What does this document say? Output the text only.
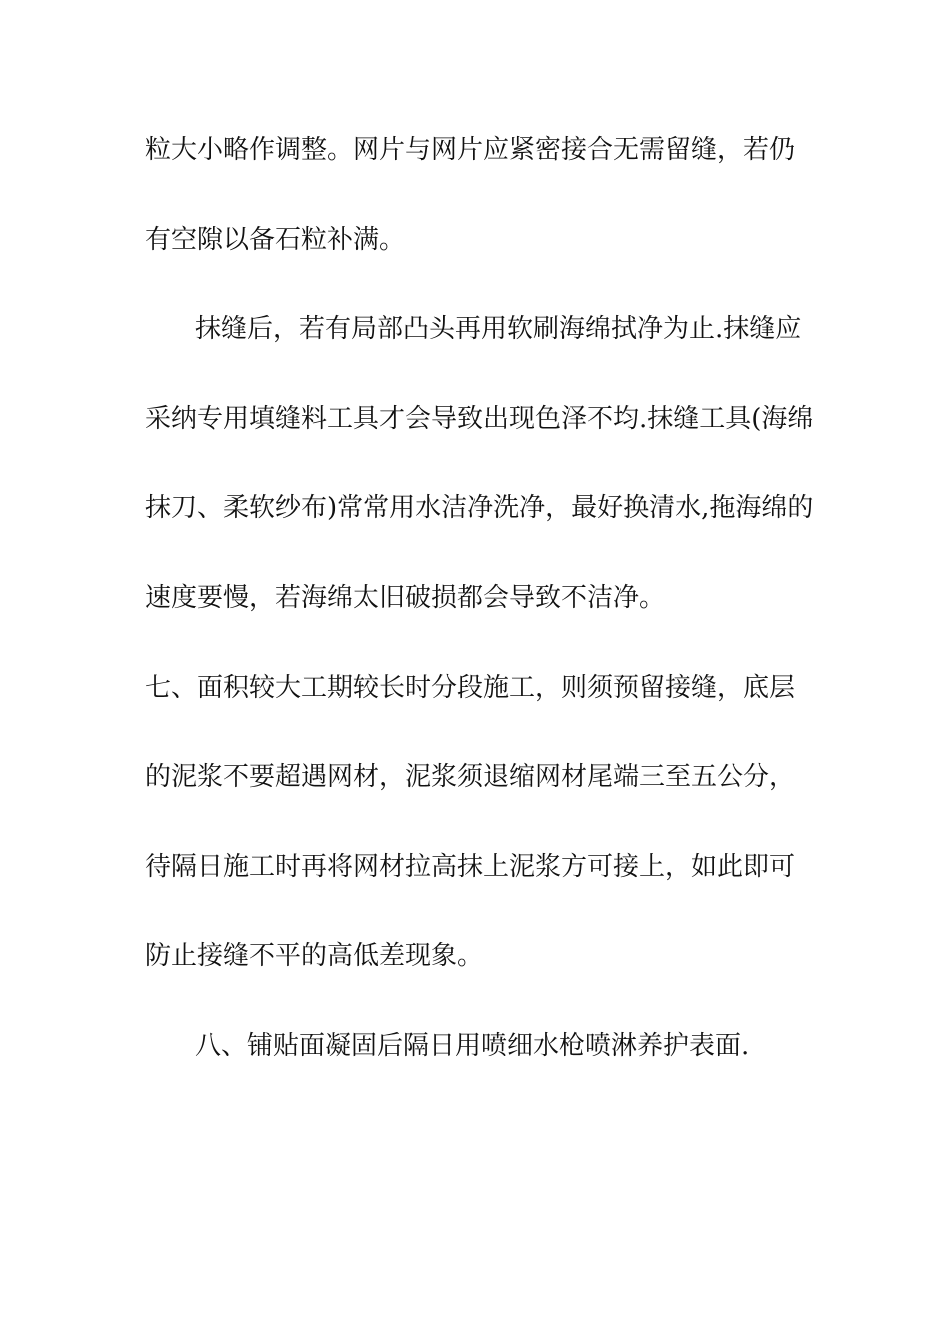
粒大小略作调整。网片与网片应紧密接合无需留缝，若仍

有空隙以备石粒补满。

抹缝后，若有局部凸头再用软刷海绵拭净为止.抹缝应

采纳专用填缝料工具才会导致出现色泽不均.抹缝工具(海绵

抹刀、柔软纱布)常常用水洁净洗净，最好换清水,拖海绵的

速度要慢，若海绵太旧破损都会导致不洁净。

七、面积较大工期较长时分段施工，则须预留接缝，底层

的泥浆不要超遇网材，泥浆须退缩网材尾端三至五公分，

待隔日施工时再将网材拉高抹上泥浆方可接上，如此即可

防止接缝不平的高低差现象。

八、铺贴面凝固后隔日用喷细水枪喷淋养护表面.
